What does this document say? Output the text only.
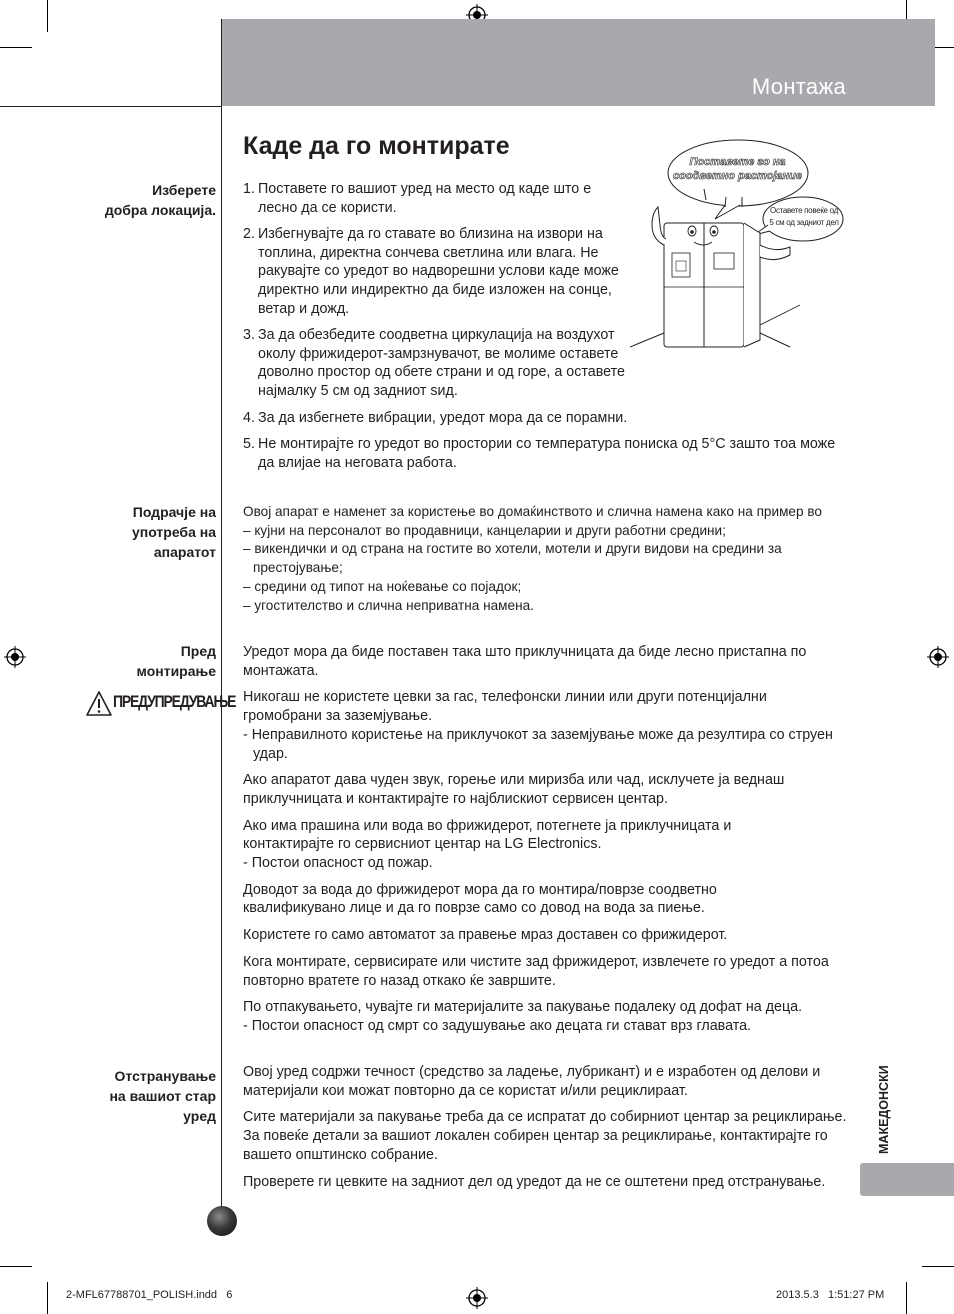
Монтажа
Каде да го монтирате
Изберете
добра локација.
1. Поставете го вашиот уред на место од каде што е лесно да се користи.
2. Избегнувајте да го ставате во близина на извори на топлина, директна сончева светлина или влага. Не ракувајте со уредот во надворешни услови каде може директно или индиректно да биде изложен на сонце, ветар и дожд.
3. За да обезбедите соодветна циркулација на воздухот околу фрижидерот-замрзнувачот, ве молиме оставете доволно простор од обете страни и од горе, а оставете најмалку 5 см од задниот ѕид.
4. За да избегнете вибрации, уредот мора да се порамни.
5. Не монтирајте го уредот во простории со температура пониска од 5°C зашто тоа може да влијае на неговата работа.
Поставете го на
соодветно растојание
Оставете повеќе од
5 см од задниот дел
Подрачје на
употреба на
апаратот
Овој апарат е наменет за користење во домаќинството и слична намена како на пример во
– кујни на персоналот во продавници, канцеларии и други работни средини;
– викендички и од страна на гостите во хотели, мотели и други видови на средини за престојување;
– средини од типот на ноќевање со појадок;
– угостителство и слична неприватна намена.
Пред
монтирање
ПРЕДУПРЕДУВАЊЕ
Уредот мора да биде поставен така што приклучницата да биде лесно пристапна по монтажата.
Никогаш не користете цевки за гас, телефонски линии или други потенцијални громобрани за заземјување.
- Неправилното користење на приклучокот за заземјување може да резултира со струен удар.
Ако апаратот дава чуден звук, горење или миризба или чад, исклучете ја веднаш приклучницата и контактирајте го најблискиот сервисен центар.
Ако има прашина или вода во фрижидерот, потегнете ја приклучницата и контактирајте го сервисниот центар на LG Electronics.
- Постои опасност од пожар.
Доводот за вода до фрижидерот мора да го монтира/поврзе соодветно квалификувано лице и да го поврзе само со довод на вода за пиење.
Користете го само автоматот за правење мраз доставен со фрижидерот.
Кога монтирате, сервисирате или чистите зад фрижидерот, извлечете го уредот а потоа повторно вратете го назад откако ќе завршите.
По отпакувањето, чувајте ги материјалите за пакување подалеку од дофат на деца.
- Постои опасност од смрт со задушување ако децата ги стават врз главата.
Отстранување
на вашиот стар
уред
Овој уред содржи течност (средство за ладење, лубрикант) и е изработен од делови и материјали кои можат повторно да се користат и/или рециклираат.
Сите материјали за пакување треба да се испратат до собирниот центар за рециклирање. За повеќе детали за вашиот локален собирен центар за рециклирање, контактирајте го вашето општинско собрание.
Проверете ги цевките на задниот дел од уредот да не се оштетени пред отстранување.
МАКЕДОНСКИ
2-MFL67788701_POLISH.indd   6	2013.5.3   1:51:27 PM
